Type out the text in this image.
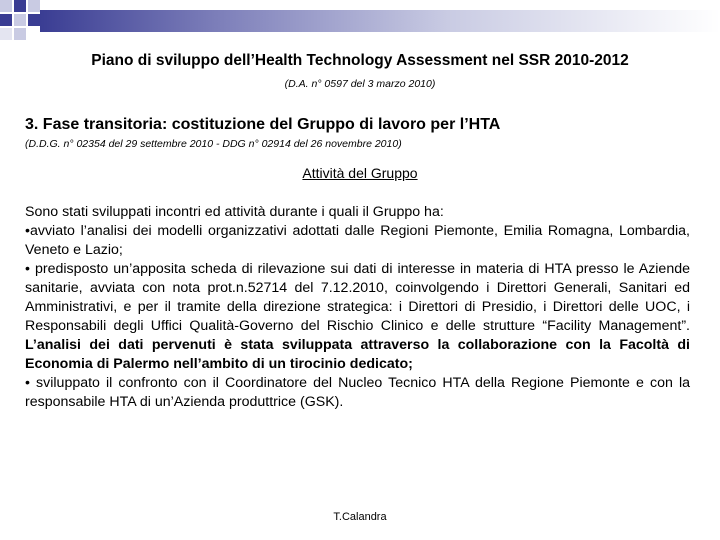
Piano di sviluppo dell’Health Technology Assessment nel SSR 2010-2012
(D.A. n° 0597 del 3 marzo 2010)
3. Fase transitoria: costituzione del Gruppo di lavoro per l’HTA
(D.D.G. n° 02354 del 29 settembre 2010 - DDG n° 02914 del 26 novembre 2010)
Attività del Gruppo

Sono stati sviluppati incontri ed attività durante i quali il Gruppo ha:

•avviato l’analisi dei modelli organizzativi adottati dalle Regioni Piemonte, Emilia Romagna, Lombardia, Veneto e Lazio;

• predisposto un’apposita scheda di rilevazione sui dati di interesse in materia di HTA presso le Aziende sanitarie, avviata con nota prot.n.52714 del 7.12.2010, coinvolgendo i Direttori Generali, Sanitari ed Amministrativi, e per il tramite della direzione strategica: i Direttori di Presidio, i Direttori delle UOC, i Responsabili degli Uffici Qualità-Governo del Rischio Clinico e delle strutture “Facility Management”. L’analisi dei dati pervenuti è stata sviluppata attraverso la collaborazione con la Facoltà di Economia di Palermo nell’ambito di un tirocinio dedicato;

• sviluppato il confronto con il Coordinatore del Nucleo Tecnico HTA della Regione Piemonte e con la responsabile HTA di un’Azienda produttrice (GSK).

T.Calandra
